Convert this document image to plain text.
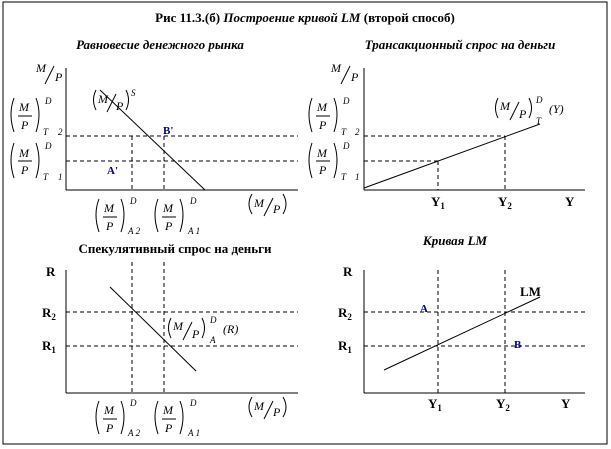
Рис 11.3.(б) Построение кривой LM (второй способ)
Равновесие денежного рынка
M
P
M
P
D
T 2
M
P
D
T 1
M P
S
B'
A'
M
P
D
A 2
M
P
D
A 1
M P
Трансакционный спрос на деньги
M
P
M
P
D
T 2
M
P
D
T 1
M
P
D
T
(Y)
$Y_1$	$Y_2$	Y
Спекулятивный спрос на деньги
R
$R_2$
$R_1$
M
P
D
A
(R)
M
P
D
A 2
M
P
D
A 1
M P
Кривая LM
R
$R_2$
$R_1$
LM
A
B
$Y_1$	$Y_2$	Y
